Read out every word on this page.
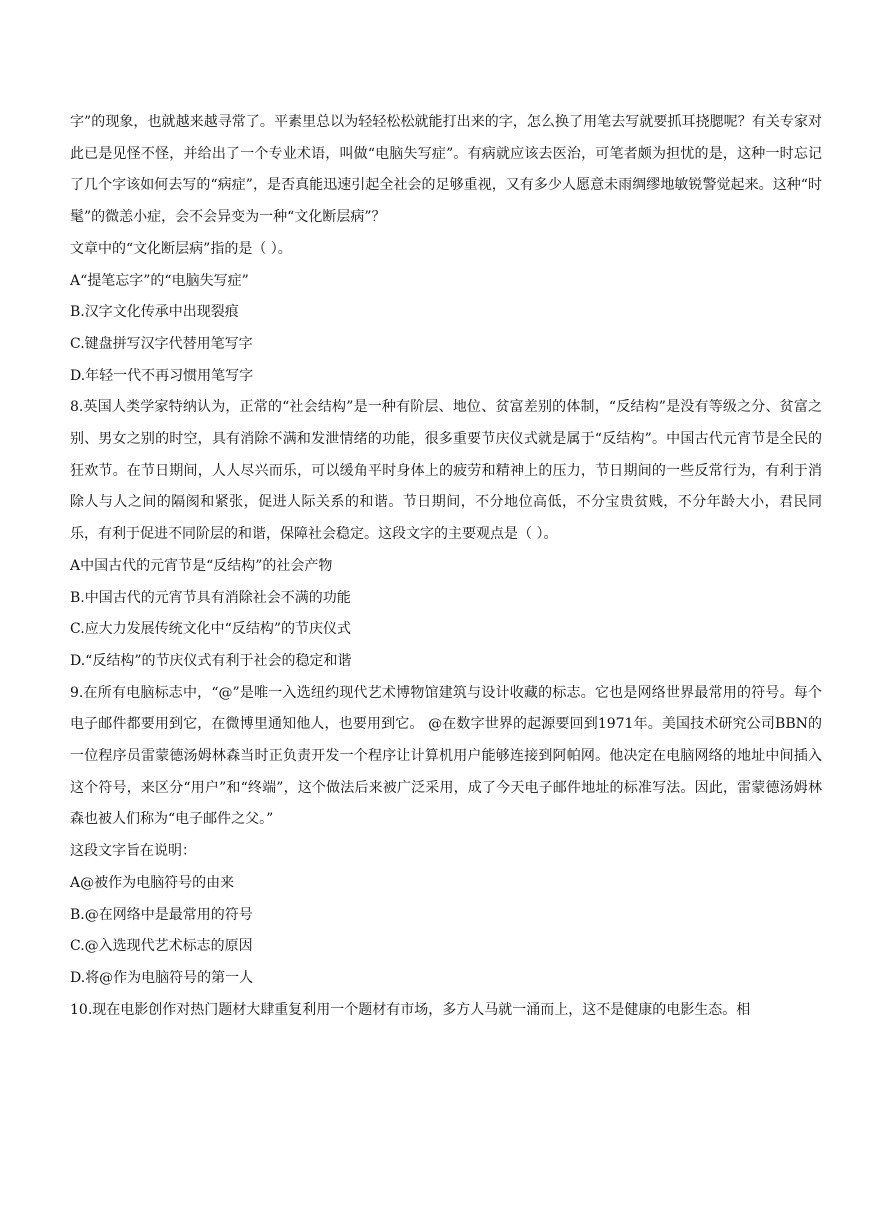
字”的现象，也就越来越寻常了。平素里总以为轻轻松松就能打出来的字，怎么换了用笔去写就要抓耳挠腮呢？有关专家对此已是见怪不怪，并给出了一个专业术语，叫做“电脑失写症”。有病就应该去医治，可笔者颇为担忧的是，这种一时忘记了几个字该如何去写的“病症”，是否真能迅速引起全社会的足够重视，又有多少人愿意未雨绸缪地敏锐警觉起来。这种“时髦”的微恙小症，会不会异变为一种“文化断层病”？

文章中的“文化断层病”指的是（ ）。

A“提笔忘字”的“电脑失写症”

B.汉字文化传承中出现裂痕

C.键盘拼写汉字代替用笔写字

D.年轻一代不再习惯用笔写字

8.英国人类学家特纳认为，正常的“社会结构”是一种有阶层、地位、贫富差别的体制，“反结构”是没有等级之分、贫富之别、男女之别的时空，具有消除不满和发泄情绪的功能，很多重要节庆仪式就是属于“反结构”。中国古代元宵节是全民的狂欢节。在节日期间，人人尽兴而乐，可以缓角平时身体上的疲劳和精神上的压力，节日期间的一些反常行为，有利于消除人与人之间的隔阂和紧张，促进人际关系的和谐。节日期间，不分地位高低，不分宝贵贫贱，不分年龄大小，君民同乐，有利于促进不同阶层的和谐，保障社会稳定。这段文字的主要观点是（ ）。

A中国古代的元宵节是“反结构”的社会产物

B.中国古代的元宵节具有消除社会不满的功能

C.应大力发展传统文化中“反结构”的节庆仪式

D.“反结构”的节庆仪式有利于社会的稳定和谐

9.在所有电脑标志中，“@”是唯一入选纽约现代艺术博物馆建筑与设计收藏的标志。它也是网络世界最常用的符号。每个电子邮件都要用到它，在微博里通知他人，也要用到它。 @在数字世界的起源要回到1971年。美国技术研究公司BBN的一位程序员雷蒙德汤姆林森当时正负责开发一个程序让计算机用户能够连接到阿帕网。他决定在电脑网络的地址中间插入这个符号，来区分“用户”和“终端”，这个做法后来被广泛采用，成了今天电子邮件地址的标准写法。因此，雷蒙德汤姆林森也被人们称为“电子邮件之父。”

这段文字旨在说明：

A@被作为电脑符号的由来

B.@在网络中是最常用的符号

C.@入选现代艺术标志的原因

D.将@作为电脑符号的第一人

10.现在电影创作对热门题材大肆重复利用一个题材有市场，多方人马就一涌而上，这不是健康的电影生态。相
